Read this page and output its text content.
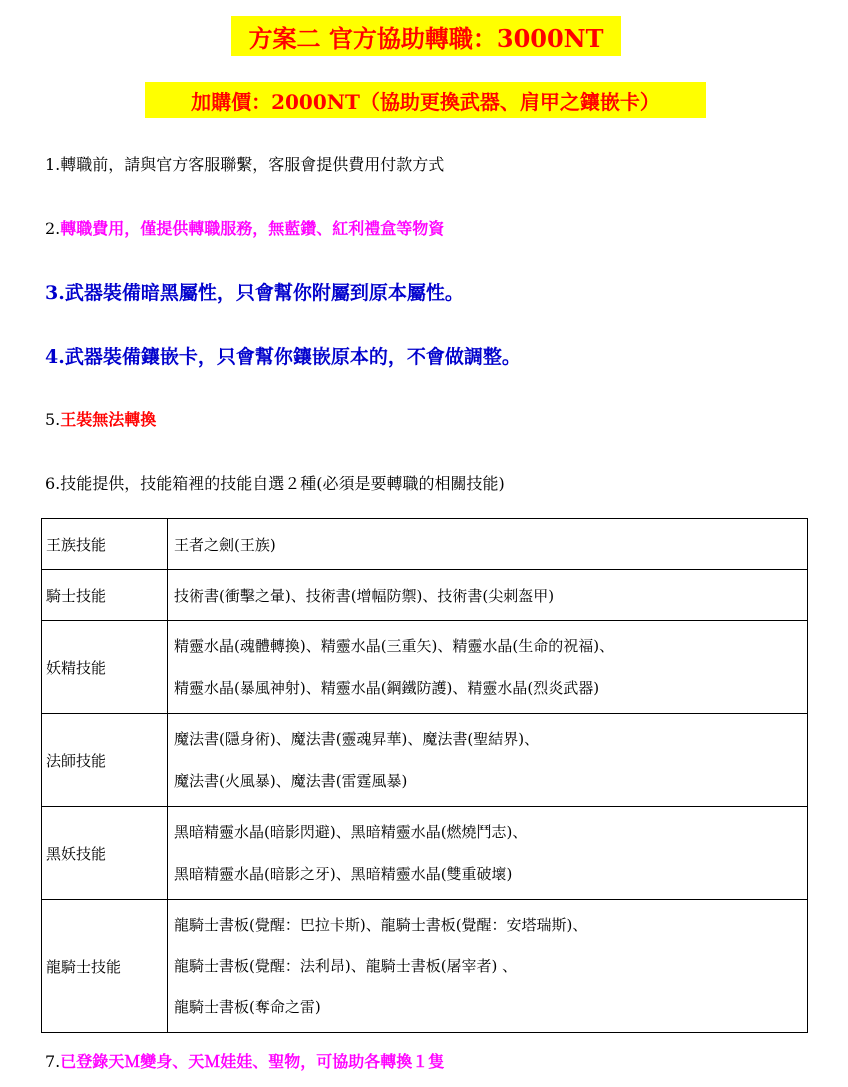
方案二 官方協助轉職：3000NT
加購價：2000NT（協助更換武器、肩甲之鑲嵌卡）
1.轉職前，請與官方客服聯繫，客服會提供費用付款方式
2.轉職費用，僅提供轉職服務，無藍鑽、紅利禮盒等物資
3.武器裝備暗黑屬性，只會幫你附屬到原本屬性。
4.武器裝備鑲嵌卡，只會幫你鑲嵌原本的，不會做調整。
5.王裝無法轉換
6.技能提供，技能箱裡的技能自選２種(必須是要轉職的相關技能)
王族技能	王者之劍(王族)

騎士技能	技術書(衝擊之暈)、技術書(增幅防禦)、技術書(尖刺盔甲)

妖精技能	精靈水晶(魂體轉換)、精靈水晶(三重矢)、精靈水晶(生命的祝福)、
精靈水晶(暴風神射)、精靈水晶(鋼鐵防護)、精靈水晶(烈炎武器)

法師技能	魔法書(隱身術)、魔法書(靈魂昇華)、魔法書(聖結界)、
魔法書(火風暴)、魔法書(雷霆風暴)

黑妖技能	黑暗精靈水晶(暗影閃避)、黑暗精靈水晶(燃燒鬥志)、
黑暗精靈水晶(暗影之牙)、黑暗精靈水晶(雙重破壞)

龍騎士技能	龍騎士書板(覺醒：巴拉卡斯)、龍騎士書板(覺醒：安塔瑞斯)、
龍騎士書板(覺醒：法利昂)、龍騎士書板(屠宰者) 、
龍騎士書板(奪命之雷)
7.已登錄天Ｍ變身、天Ｍ娃娃、聖物，可協助各轉換１隻
